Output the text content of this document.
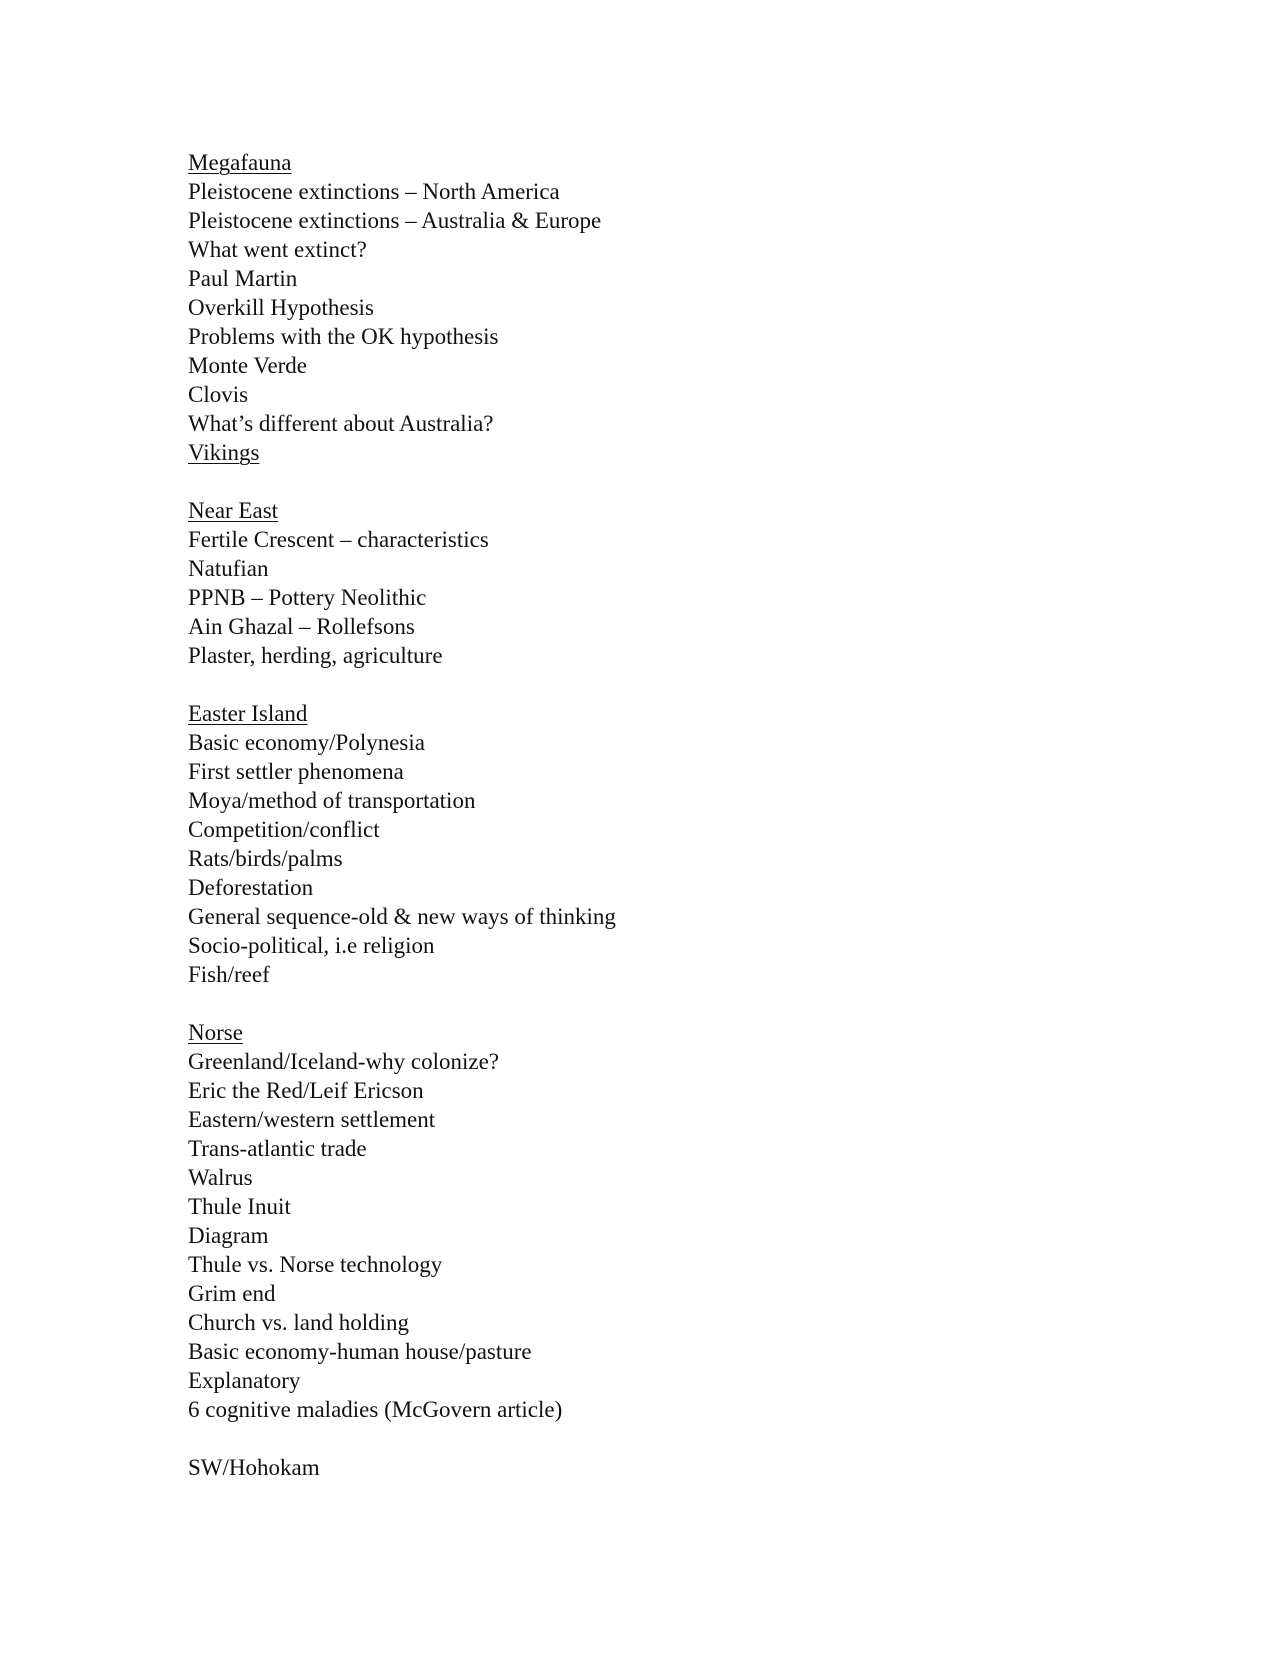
Megafauna
Pleistocene extinctions – North America
Pleistocene extinctions – Australia & Europe
What went extinct?
Paul Martin
Overkill Hypothesis
Problems with the OK hypothesis
Monte Verde
Clovis
What’s different about Australia?
Vikings
Near East
Fertile Crescent – characteristics
Natufian
PPNB – Pottery Neolithic
Ain Ghazal – Rollefsons
Plaster, herding, agriculture
Easter Island
Basic economy/Polynesia
First settler phenomena
Moya/method of transportation
Competition/conflict
Rats/birds/palms
Deforestation
General sequence-old & new ways of thinking
Socio-political, i.e religion
Fish/reef
Norse
Greenland/Iceland-why colonize?
Eric the Red/Leif Ericson
Eastern/western settlement
Trans-atlantic trade
Walrus
Thule Inuit
Diagram
Thule vs. Norse technology
Grim end
Church vs. land holding
Basic economy-human house/pasture
Explanatory
6 cognitive maladies (McGovern article)
SW/Hohokam
